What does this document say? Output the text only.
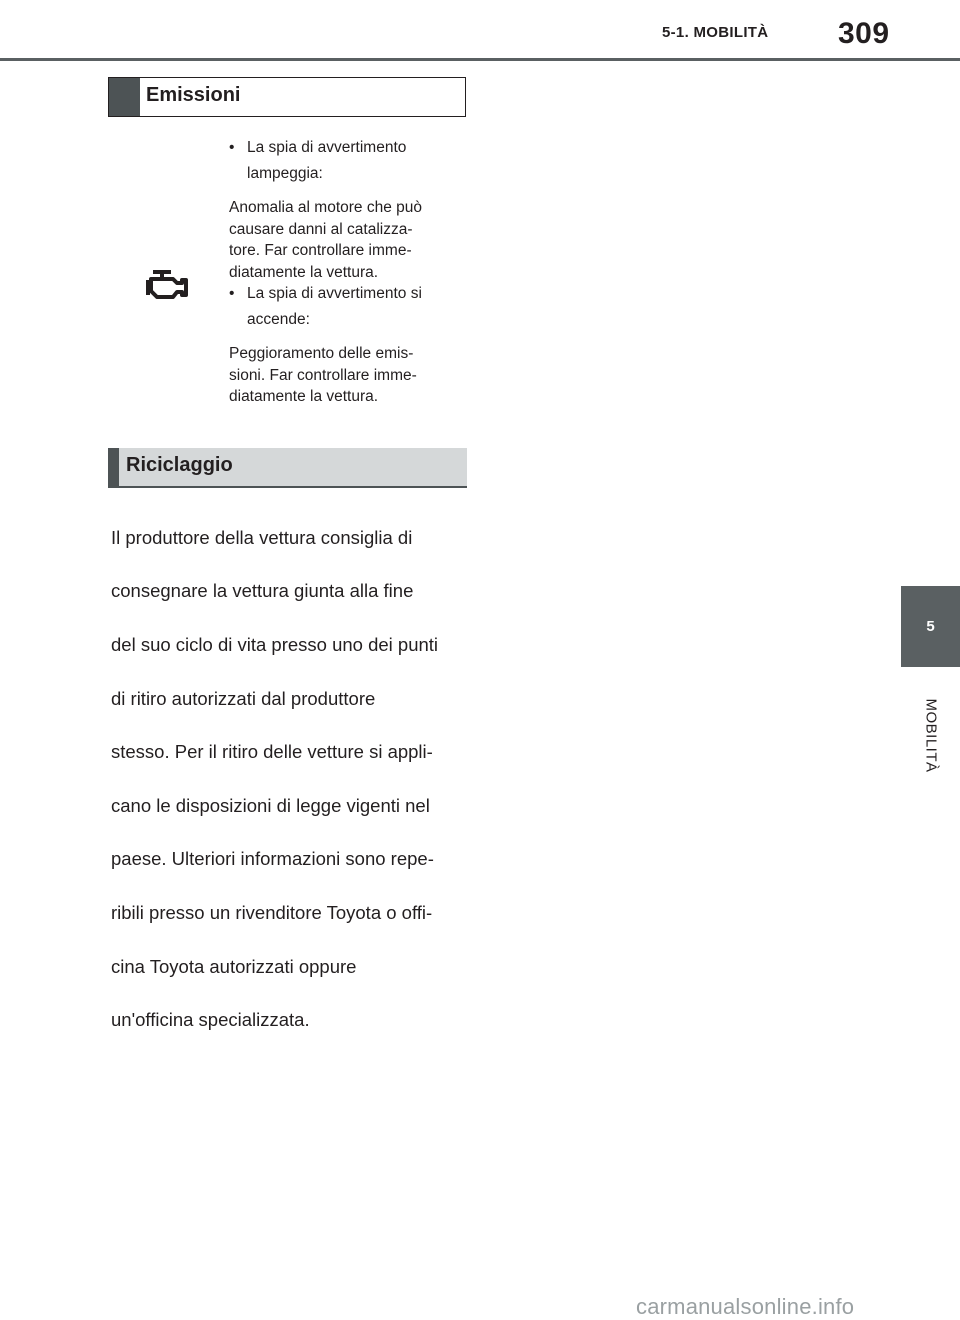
5-1. MOBILITÀ 309
5
MOBILITÀ
Emissioni
• La spia di avvertimento
lampeggia:
Anomalia al motore che può
causare danni al catalizza-
tore. Far controllare imme-
diatamente la vettura.
• La spia di avvertimento si
accende:
Peggioramento delle emis-
sioni. Far controllare imme-
diatamente la vettura.
Riciclaggio

Il produttore della vettura consiglia di

consegnare la vettura giunta alla fine

del suo ciclo di vita presso uno dei punti

di ritiro autorizzati dal produttore

stesso. Per il ritiro delle vetture si appli-

cano le disposizioni di legge vigenti nel

paese. Ulteriori informazioni sono repe-

ribili presso un rivenditore Toyota o offi-

cina Toyota autorizzati oppure

un'officina specializzata.

carmanualsonline.info
